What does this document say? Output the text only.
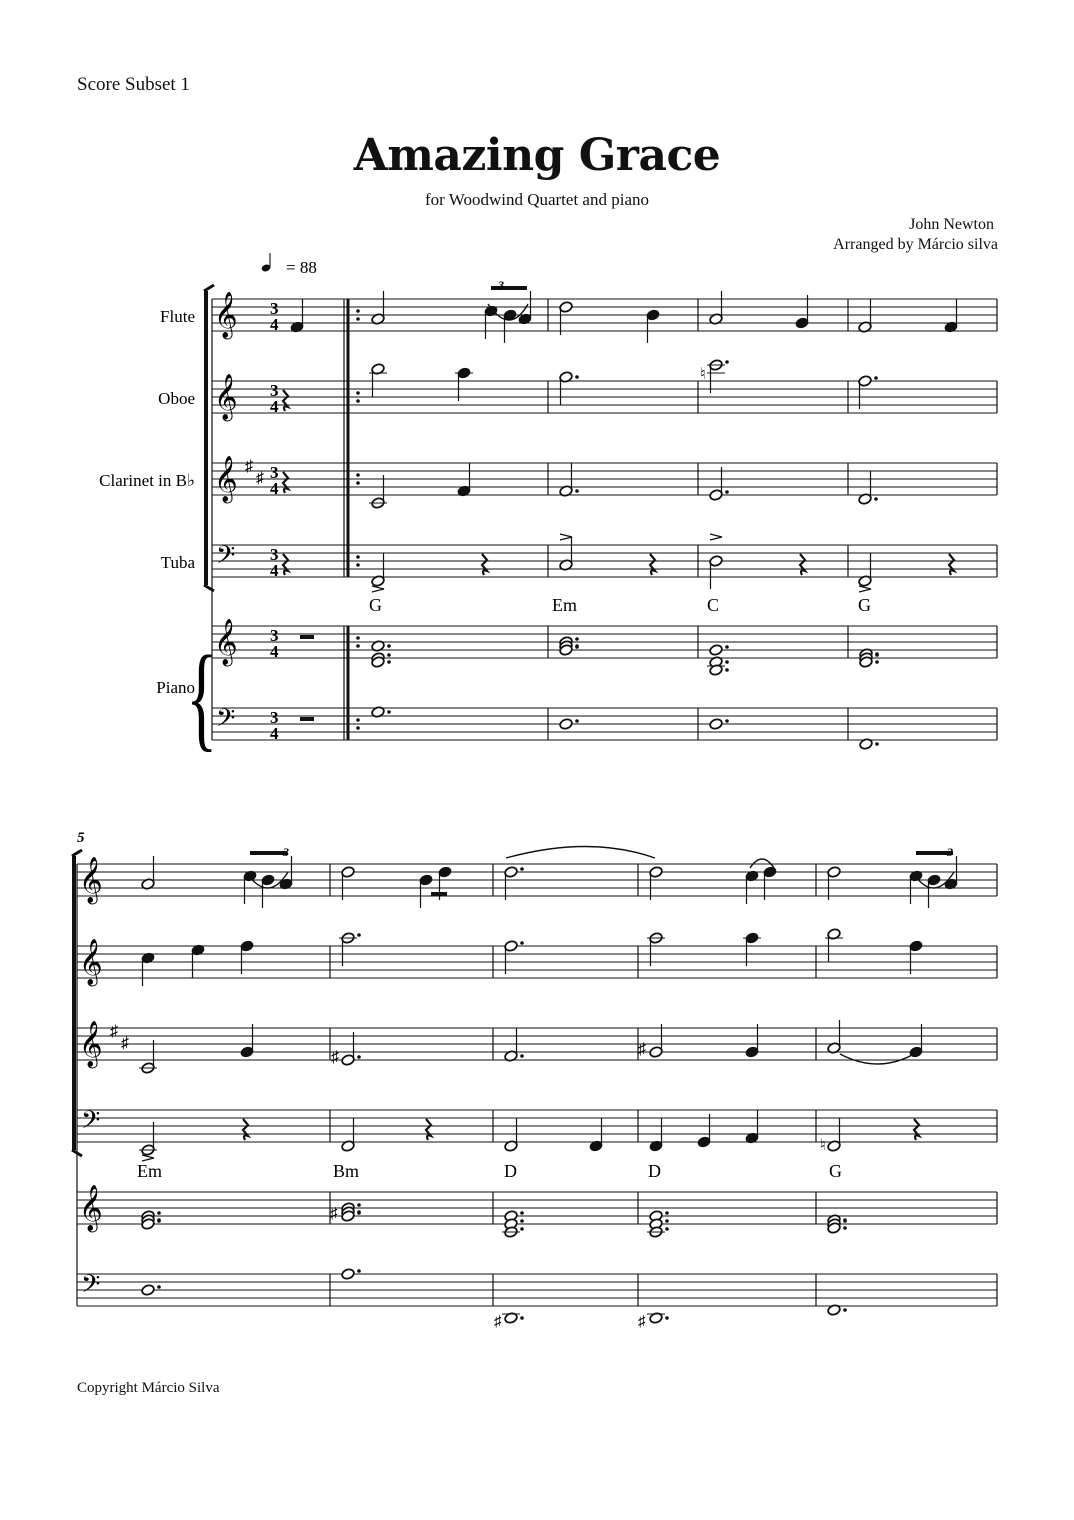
Score Subset 1
Amazing Grace
for Woodwind Quartet and piano
John Newton
Arranged by Márcio silva
Copyright Márcio Silva
{
𝄞
𝄞
𝄞
𝄞
𝄢
𝄢
3
4
3
4
3
4
3
4
3
4
3
4
♯
♯
♮
𝄞
𝄞
𝄞
𝄞
𝄢
𝄢
♯
♯
♯	♯
♮
♯
♯	♯
Flute
Oboe
Clarinet in B♭
Tuba
Piano
= 88
5
G	Em	C	G
Em	Bm	D	D	G
3
3	3
